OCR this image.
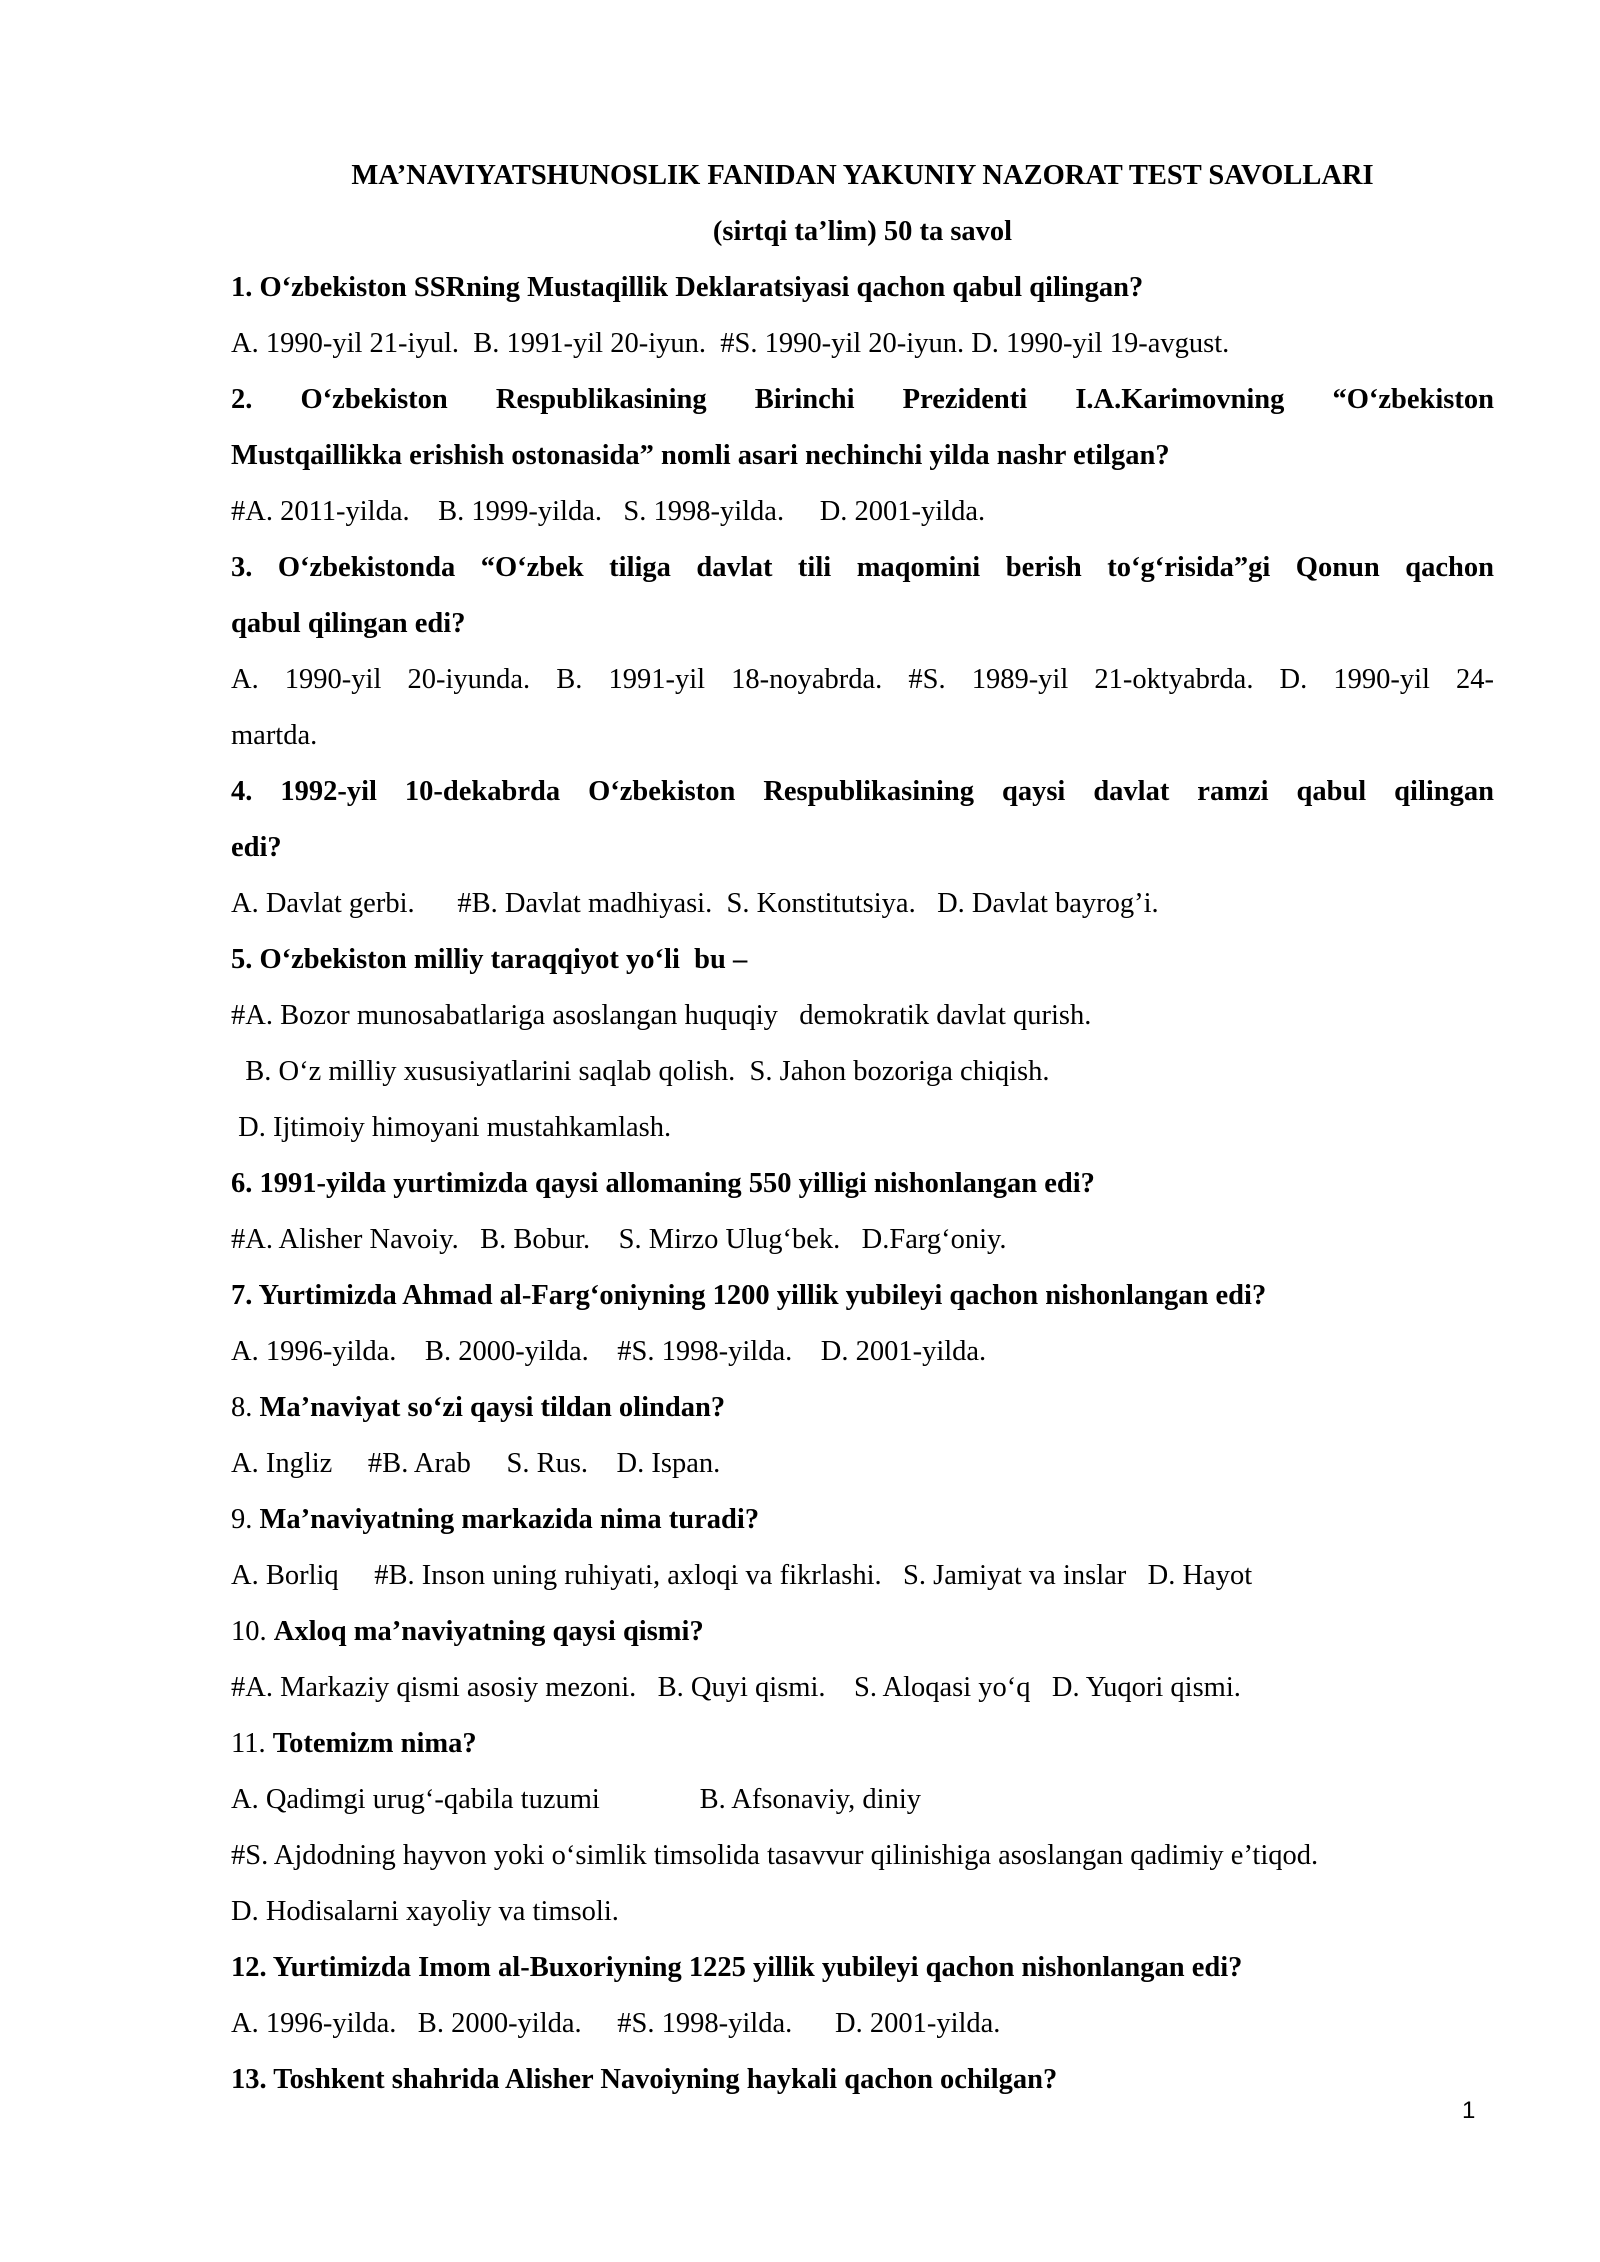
MA’NAVIYATSHUNOSLIK FANIDAN YAKUNIY NAZORAT TEST SAVOLLARI

(sirtqi ta’lim) 50 ta savol

1. O‘zbekiston SSRning Mustaqillik Deklaratsiyasi qachon qabul qilingan?

A. 1990-yil 21-iyul.  B. 1991-yil 20-iyun.  #S. 1990-yil 20-iyun. D. 1990-yil 19-avgust.

2. O‘zbekiston Respublikasining Birinchi Prezidenti I.A.Karimovning “O‘zbekiston

Mustqaillikka erishish ostonasida” nomli asari nechinchi yilda nashr etilgan?

#A. 2011-yilda.    B. 1999-yilda.   S. 1998-yilda.     D. 2001-yilda.

3. O‘zbekistonda “O‘zbek tiliga davlat tili maqomini berish to‘g‘risida”gi Qonun qachon

qabul qilingan edi?

A. 1990-yil 20-iyunda. B. 1991-yil 18-noyabrda. #S. 1989-yil 21-oktyabrda. D. 1990-yil 24-

martda.

4. 1992-yil 10-dekabrda O‘zbekiston Respublikasining qaysi davlat ramzi qabul qilingan

edi?

A. Davlat gerbi.      #B. Davlat madhiyasi.  S. Konstitutsiya.   D. Davlat bayrog’i.

5. O‘zbekiston milliy taraqqiyot yo‘li  bu –

#A. Bozor munosabatlariga asoslangan huquqiy   demokratik davlat qurish.

B. O‘z milliy xususiyatlarini saqlab qolish.  S. Jahon bozoriga chiqish.

D. Ijtimoiy himoyani mustahkamlash.

6. 1991-yilda yurtimizda qaysi allomaning 550 yilligi nishonlangan edi?

#A. Alisher Navoiy.   B. Bobur.    S. Mirzo Ulug‘bek.   D.Farg‘oniy.

7. Yurtimizda Ahmad al-Farg‘oniyning 1200 yillik yubileyi qachon nishonlangan edi?

A. 1996-yilda.    B. 2000-yilda.    #S. 1998-yilda.    D. 2001-yilda.

8. Ma’naviyat so‘zi qaysi tildan olindan?

A. Ingliz     #B. Arab     S. Rus.    D. Ispan.

9. Ma’naviyatning markazida nima turadi?

A. Borliq     #B. Inson uning ruhiyati, axloqi va fikrlashi.   S. Jamiyat va inslar   D. Hayot

10. Axloq ma’naviyatning qaysi qismi?

#A. Markaziy qismi asosiy mezoni.   B. Quyi qismi.    S. Aloqasi yo‘q   D. Yuqori qismi.

11. Totemizm nima?

A. Qadimgi urug‘-qabila tuzumi              B. Afsonaviy, diniy

#S. Ajdodning hayvon yoki o‘simlik timsolida tasavvur qilinishiga asoslangan qadimiy e’tiqod.

D. Hodisalarni xayoliy va timsoli.

12. Yurtimizda Imom al-Buxoriyning 1225 yillik yubileyi qachon nishonlangan edi?

A. 1996-yilda.   B. 2000-yilda.     #S. 1998-yilda.      D. 2001-yilda.

13. Toshkent shahrida Alisher Navoiyning haykali qachon ochilgan?

1
